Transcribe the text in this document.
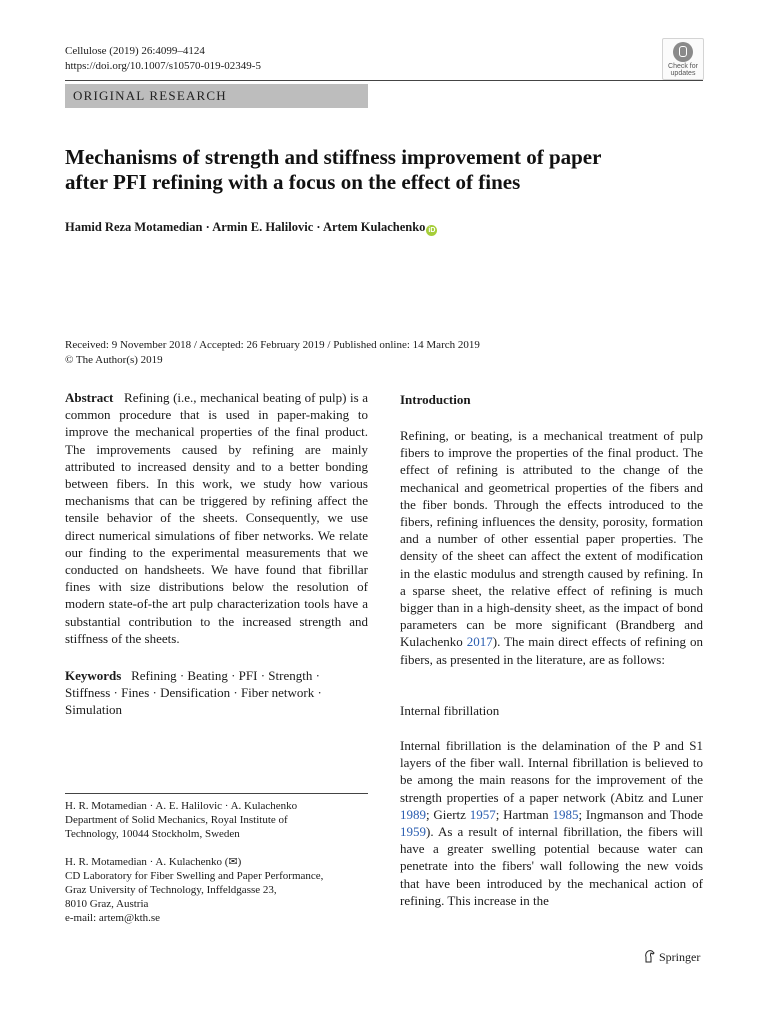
Cellulose (2019) 26:4099–4124
https://doi.org/10.1007/s10570-019-02349-5	Check for
updates
ORIGINAL RESEARCH
Mechanisms of strength and stiffness improvement of paper
after PFI refining with a focus on the effect of fines
Hamid Reza Motamedian · Armin E. Halilovic · Artem Kulachenko iD
Received: 9 November 2018 / Accepted: 26 February 2019 / Published online: 14 March 2019
© The Author(s) 2019
Abstract Refining (i.e., mechanical beating of pulp) is a common procedure that is used in paper-making to improve the mechanical properties of the final product. The improvements caused by refining are mainly attributed to increased density and to a better bonding between fibers. In this work, we study how various mechanisms that can be triggered by refining affect the tensile behavior of the sheets. Consequently, we use direct numerical simulations of fiber networks. We relate our finding to the experimental measurements that we conducted on handsheets. We have found that fibrillar fines with size distributions below the resolution of modern state-of-the art pulp characterization tools have a substantial contribution to the increased strength and stiffness of the sheets.
Keywords Refining · Beating · PFI · Strength · Stiffness · Fines · Densification · Fiber network · Simulation
H. R. Motamedian · A. E. Halilovic · A. Kulachenko
Department of Solid Mechanics, Royal Institute of
Technology, 10044 Stockholm, Sweden
H. R. Motamedian · A. Kulachenko (✉)
CD Laboratory for Fiber Swelling and Paper Performance,
Graz University of Technology, Inffeldgasse 23,
8010 Graz, Austria
e-mail: artem@kth.se
Introduction
Refining, or beating, is a mechanical treatment of pulp fibers to improve the properties of the final product. The effect of refining is attributed to the change of the mechanical and geometrical properties of the fibers and the fiber bonds. Through the effects introduced to the fibers, refining influences the density, porosity, formation and a number of other essential paper properties. The density of the sheet can affect the extent of modification in the elastic modulus and strength caused by refining. In a sparse sheet, the relative effect of refining is much bigger than in a high-density sheet, as the impact of bond parameters can be more significant (Brandberg and Kulachenko 2017). The main direct effects of refining on fibers, as presented in the literature, are as follows:
Internal fibrillation
Internal fibrillation is the delamination of the P and S1 layers of the fiber wall. Internal fibrillation is believed to be among the main reasons for the improvement of the strength properties of a paper network (Abitz and Luner 1989; Giertz 1957; Hartman 1985; Ingmanson and Thode 1959). As a result of internal fibrillation, the fibers will have a greater swelling potential because water can penetrate into the fibers' wall following the new voids that have been introduced by the mechanical action of refining. This increase in the
Springer
